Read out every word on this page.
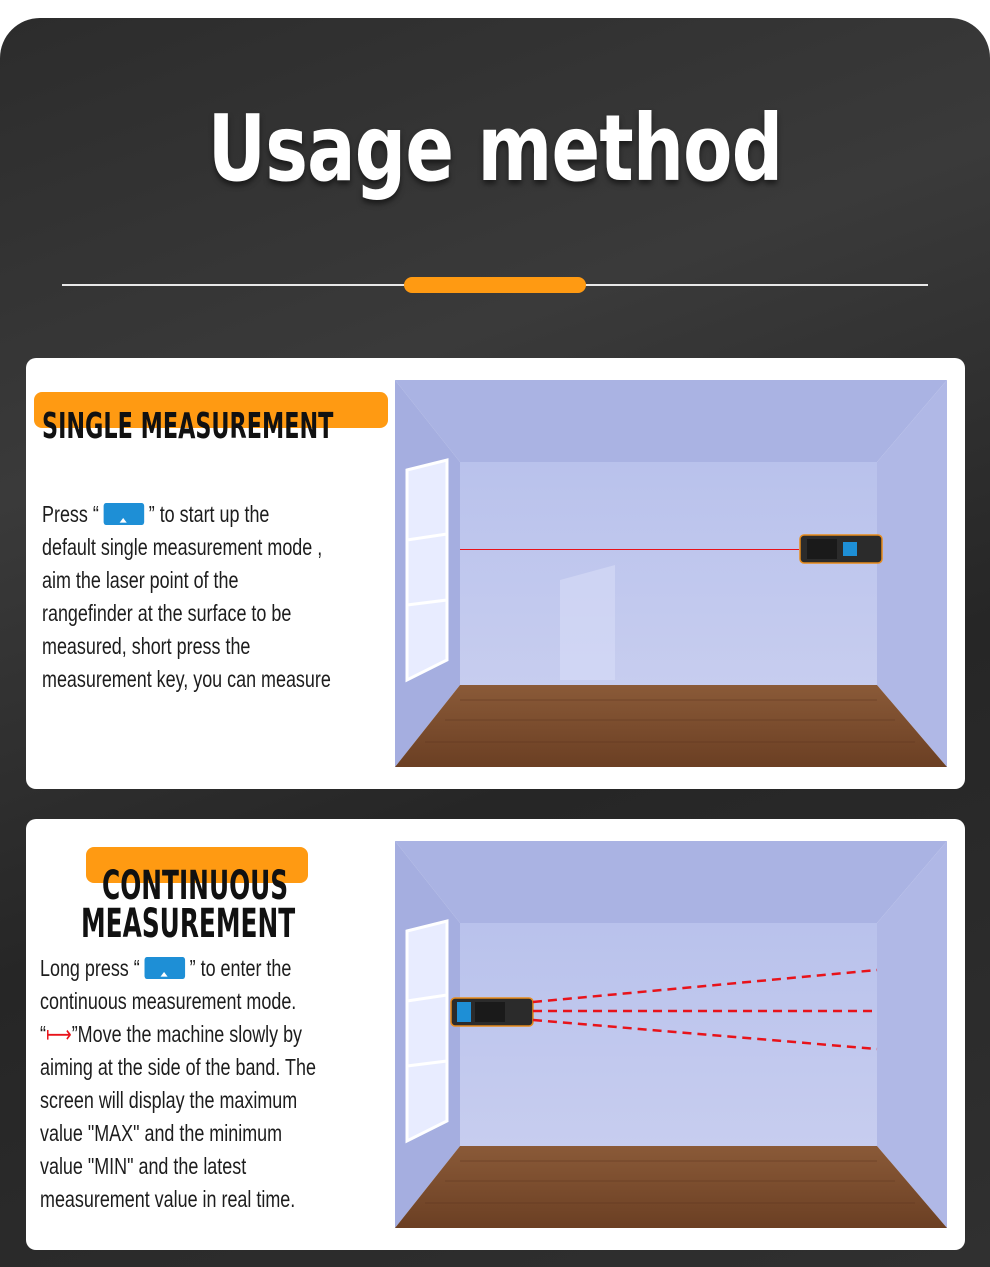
Usage method
SINGLE MEASUREMENT
Press “ ⏶ ” to start up the
default single measurement mode ,
aim the laser point of the
rangefinder at the surface to be
measured, short press the
measurement key, you can measure
CONTINUOUS
MEASUREMENT
Long press “ ⏶ ” to enter the
continuous measurement mode.
“⟼”Move the machine slowly by
aiming at the side of the band. The
screen will display the maximum
value "MAX" and the minimum
value "MIN" and the latest
measurement value in real time.
